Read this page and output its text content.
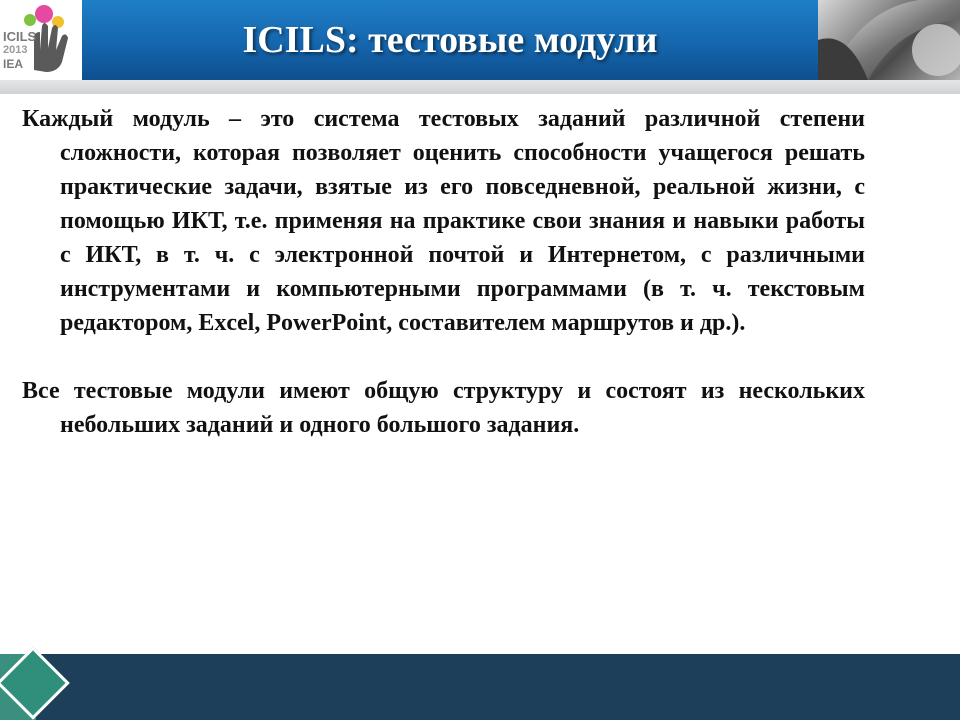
ICILS
2013
IEA
ICILS: тестовые модули

Каждый модуль – это система тестовых заданий различной степени сложности, которая позволяет оценить способности учащегося решать практические задачи, взятые из его повседневной, реальной жизни, с помощью ИКТ, т.е. применяя на практике свои знания и навыки работы с ИКТ, в т. ч. с электронной почтой и Интернетом, с различными инструментами и компьютерными программами (в т. ч. текстовым редактором, Excel, PowerPoint, составителем маршрутов и др.).

Все тестовые модули имеют общую структуру и состоят из нескольких небольших заданий и одного большого задания.
